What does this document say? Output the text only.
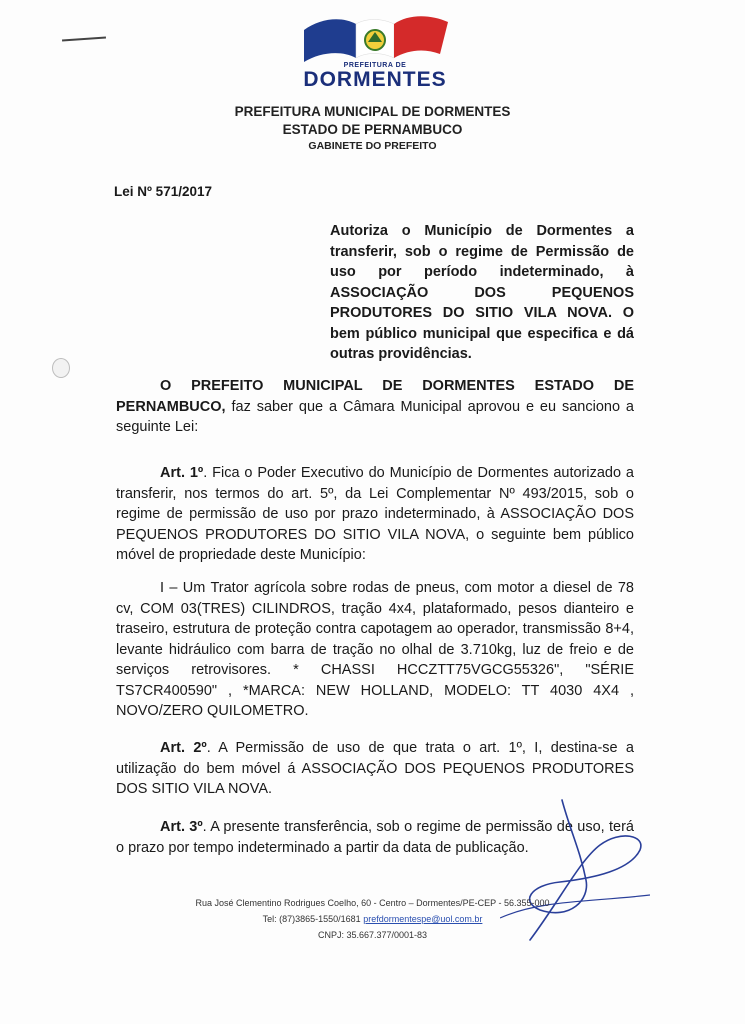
PREFEITURA DE
DORMENTES
PREFEITURA MUNICIPAL DE DORMENTES
ESTADO DE PERNAMBUCO
GABINETE DO PREFEITO
Lei Nº 571/2017
Autoriza o Município de Dormentes a transferir, sob o regime de Permissão de uso por período indeterminado, à ASSOCIAÇÃO DOS PEQUENOS PRODUTORES DO SITIO VILA NOVA. O bem público municipal que especifica e dá outras providências.
O PREFEITO MUNICIPAL DE DORMENTES ESTADO DE PERNAMBUCO, faz saber que a Câmara Municipal aprovou e eu sanciono a seguinte Lei:
Art. 1º. Fica o Poder Executivo do Município de Dormentes autorizado a transferir, nos termos do art. 5º, da Lei Complementar Nº 493/2015, sob o regime de permissão de uso por prazo indeterminado, à ASSOCIAÇÃO DOS PEQUENOS PRODUTORES DO SITIO VILA NOVA, o seguinte bem público móvel de propriedade deste Município:
I – Um Trator agrícola sobre rodas de pneus, com motor a diesel de 78 cv, COM 03(TRES) CILINDROS, tração 4x4, plataformado, pesos dianteiro e traseiro, estrutura de proteção contra capotagem ao operador, transmissão 8+4, levante hidráulico com barra de tração no olhal de 3.710kg, luz de freio e de serviços retrovisores. * CHASSI HCCZTT75VGCG55326", "SÉRIE TS7CR400590" , *MARCA: NEW HOLLAND, MODELO: TT 4030 4X4 , NOVO/ZERO QUILOMETRO.
Art. 2º. A Permissão de uso de que trata o art. 1º, I, destina-se a utilização do bem móvel á ASSOCIAÇÃO DOS PEQUENOS PRODUTORES DOS SITIO VILA NOVA.
Art. 3º. A presente transferência, sob o regime de permissão de uso, terá o prazo por tempo indeterminado a partir da data de publicação.
Rua José Clementino Rodrigues Coelho, 60 - Centro – Dormentes/PE-CEP - 56.355-000
Tel: (87)3865-1550/1681 prefdormentespe@uol.com.br
CNPJ: 35.667.377/0001-83
